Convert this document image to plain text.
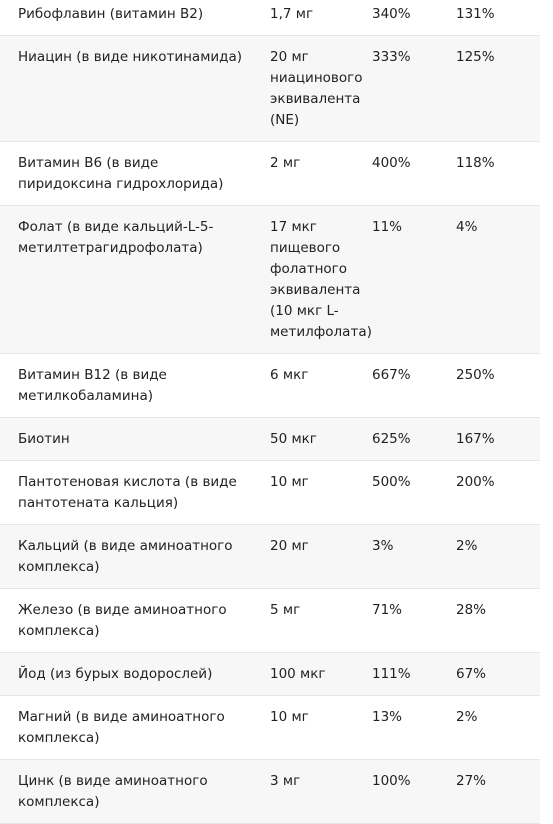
Рибофлавин (витамин B2)	1,7 мг	340%	131%
Ниацин (в виде никотинамида)	20 мг ниацинового эквивалента (NE)	333%	125%
Витамин B6 (в виде пиридоксина гидрохлорида)	2 мг	400%	118%
Фолат (в виде кальций-L-5-метилтетрагидрофолата)	17 мкг пищевого фолатного эквивалента (10 мкг L-метилфолата)	11%	4%
Витамин B12 (в виде метилкобаламина)	6 мкг	667%	250%
Биотин	50 мкг	625%	167%
Пантотеновая кислота (в виде пантотената кальция)	10 мг	500%	200%
Кальций (в виде аминоатного комплекса)	20 мг	3%	2%
Железо (в виде аминоатного комплекса)	5 мг	71%	28%
Йод (из бурых водорослей)	100 мкг	111%	67%
Магний (в виде аминоатного комплекса)	10 мг	13%	2%
Цинк (в виде аминоатного комплекса)	3 мг	100%	27%
